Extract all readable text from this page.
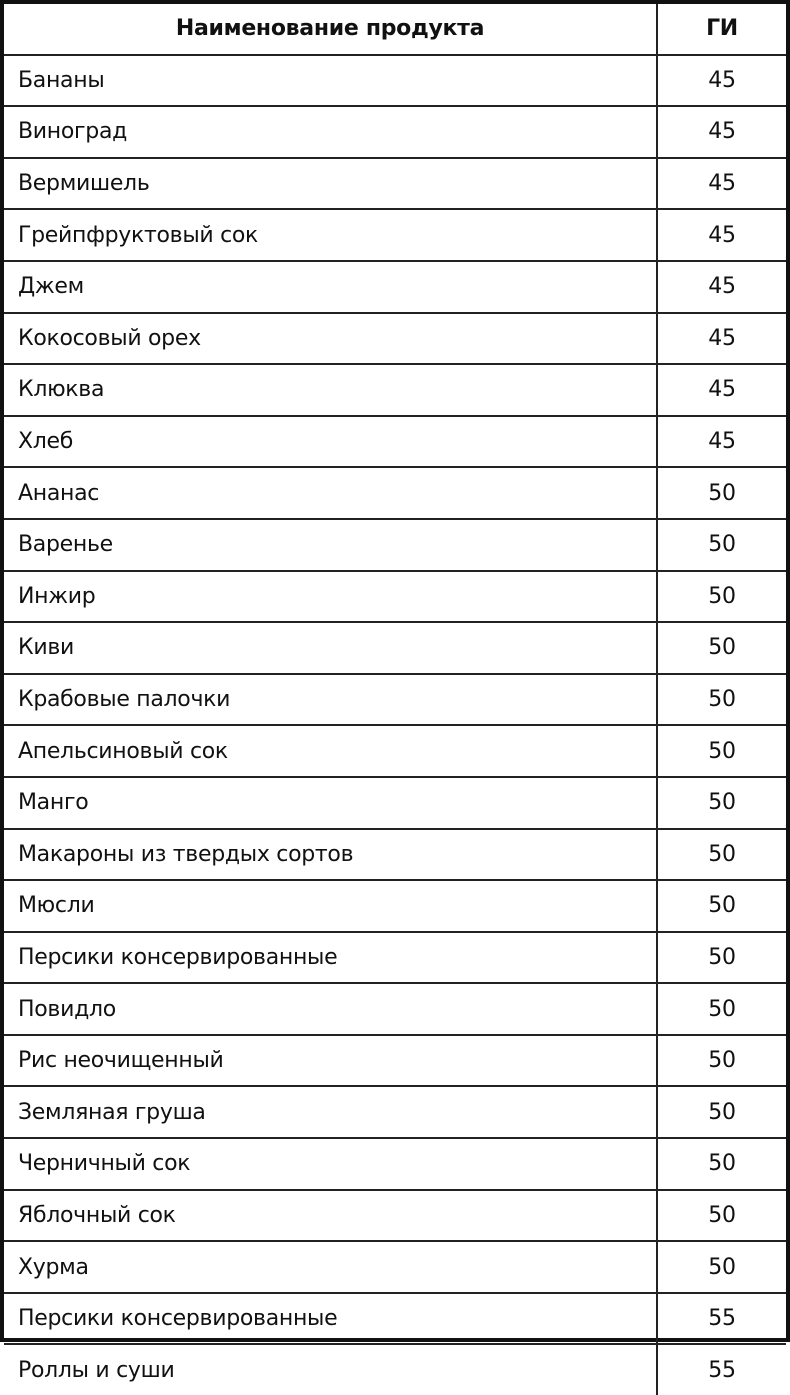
Наименование продукта	ГИ
Бананы	45
Виноград	45
Вермишель	45
Грейпфруктовый сок	45
Джем	45
Кокосовый орех	45
Клюква	45
Хлеб	45
Ананас	50
Варенье	50
Инжир	50
Киви	50
Крабовые палочки	50
Апельсиновый сок	50
Манго	50
Макароны из твердых сортов	50
Мюсли	50
Персики консервированные	50
Повидло	50
Рис неочищенный	50
Земляная груша	50
Черничный сок	50
Яблочный сок	50
Хурма	50
Персики консервированные	55
Роллы и суши	55
